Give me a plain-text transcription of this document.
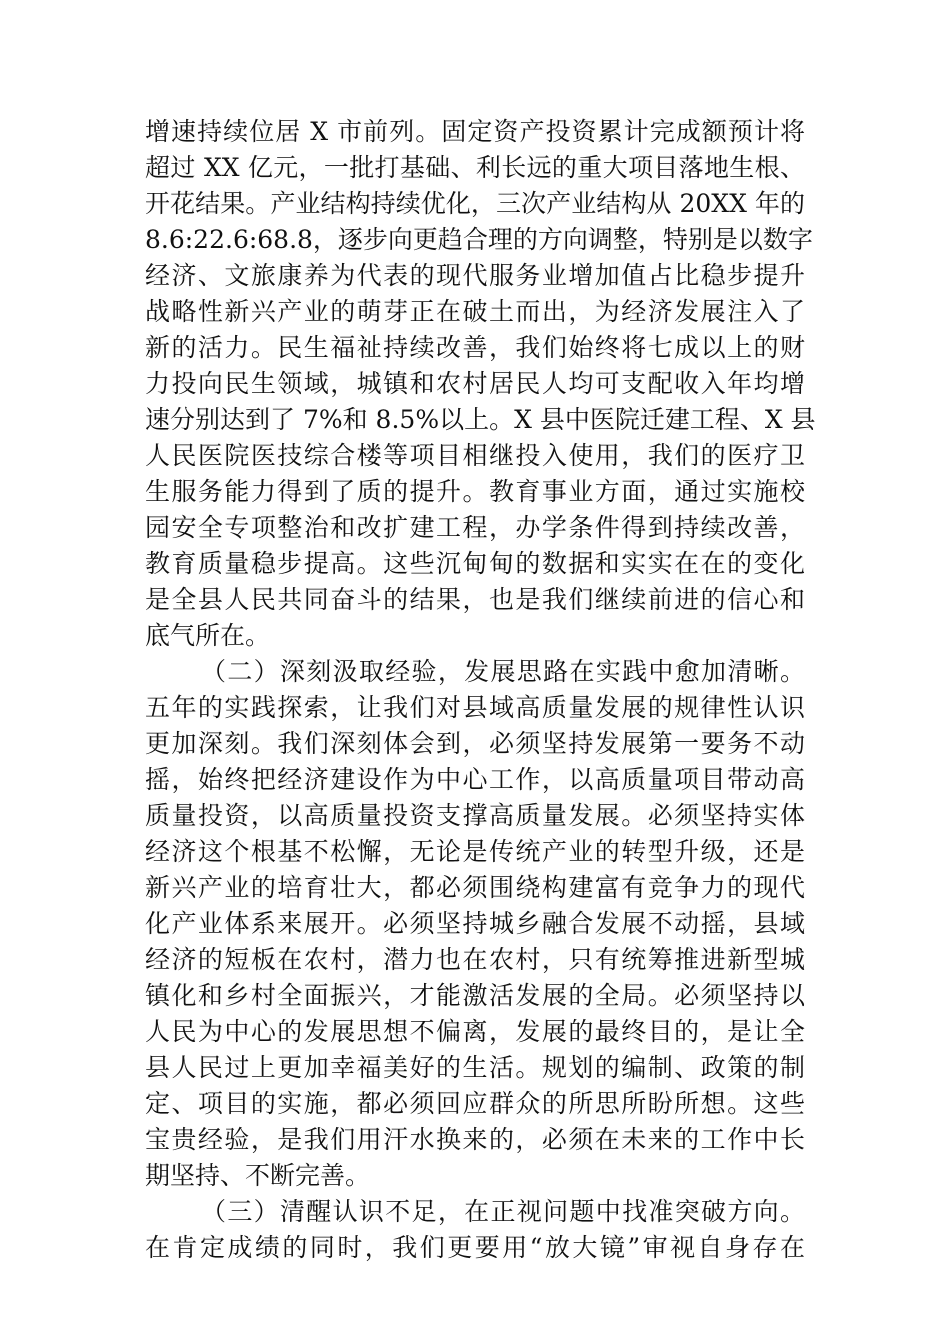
增速持续位居 X 市前列。固定资产投资累计完成额预计将
超过 XX 亿元，一批打基础、利长远的重大项目落地生根、
开花结果。产业结构持续优化，三次产业结构从 20XX 年的
8.6:22.6:68.8，逐步向更趋合理的方向调整，特别是以数字
经济、文旅康养为代表的现代服务业增加值占比稳步提升
战略性新兴产业的萌芽正在破土而出，为经济发展注入了
新的活力。民生福祉持续改善，我们始终将七成以上的财
力投向民生领域，城镇和农村居民人均可支配收入年均增
速分别达到了 7%和 8.5%以上。X 县中医院迁建工程、X 县
人民医院医技综合楼等项目相继投入使用，我们的医疗卫
生服务能力得到了质的提升。教育事业方面，通过实施校
园安全专项整治和改扩建工程，办学条件得到持续改善，
教育质量稳步提高。这些沉甸甸的数据和实实在在的变化
是全县人民共同奋斗的结果，也是我们继续前进的信心和
底气所在。
（二）深刻汲取经验，发展思路在实践中愈加清晰。
五年的实践探索，让我们对县域高质量发展的规律性认识
更加深刻。我们深刻体会到，必须坚持发展第一要务不动
摇，始终把经济建设作为中心工作，以高质量项目带动高
质量投资，以高质量投资支撑高质量发展。必须坚持实体
经济这个根基不松懈，无论是传统产业的转型升级，还是
新兴产业的培育壮大，都必须围绕构建富有竞争力的现代
化产业体系来展开。必须坚持城乡融合发展不动摇，县域
经济的短板在农村，潜力也在农村，只有统筹推进新型城
镇化和乡村全面振兴，才能激活发展的全局。必须坚持以
人民为中心的发展思想不偏离，发展的最终目的，是让全
县人民过上更加幸福美好的生活。规划的编制、政策的制
定、项目的实施，都必须回应群众的所思所盼所想。这些
宝贵经验，是我们用汗水换来的，必须在未来的工作中长
期坚持、不断完善。
（三）清醒认识不足，在正视问题中找准突破方向。
在肯定成绩的同时，我们更要用“放大镜”审视自身存在
